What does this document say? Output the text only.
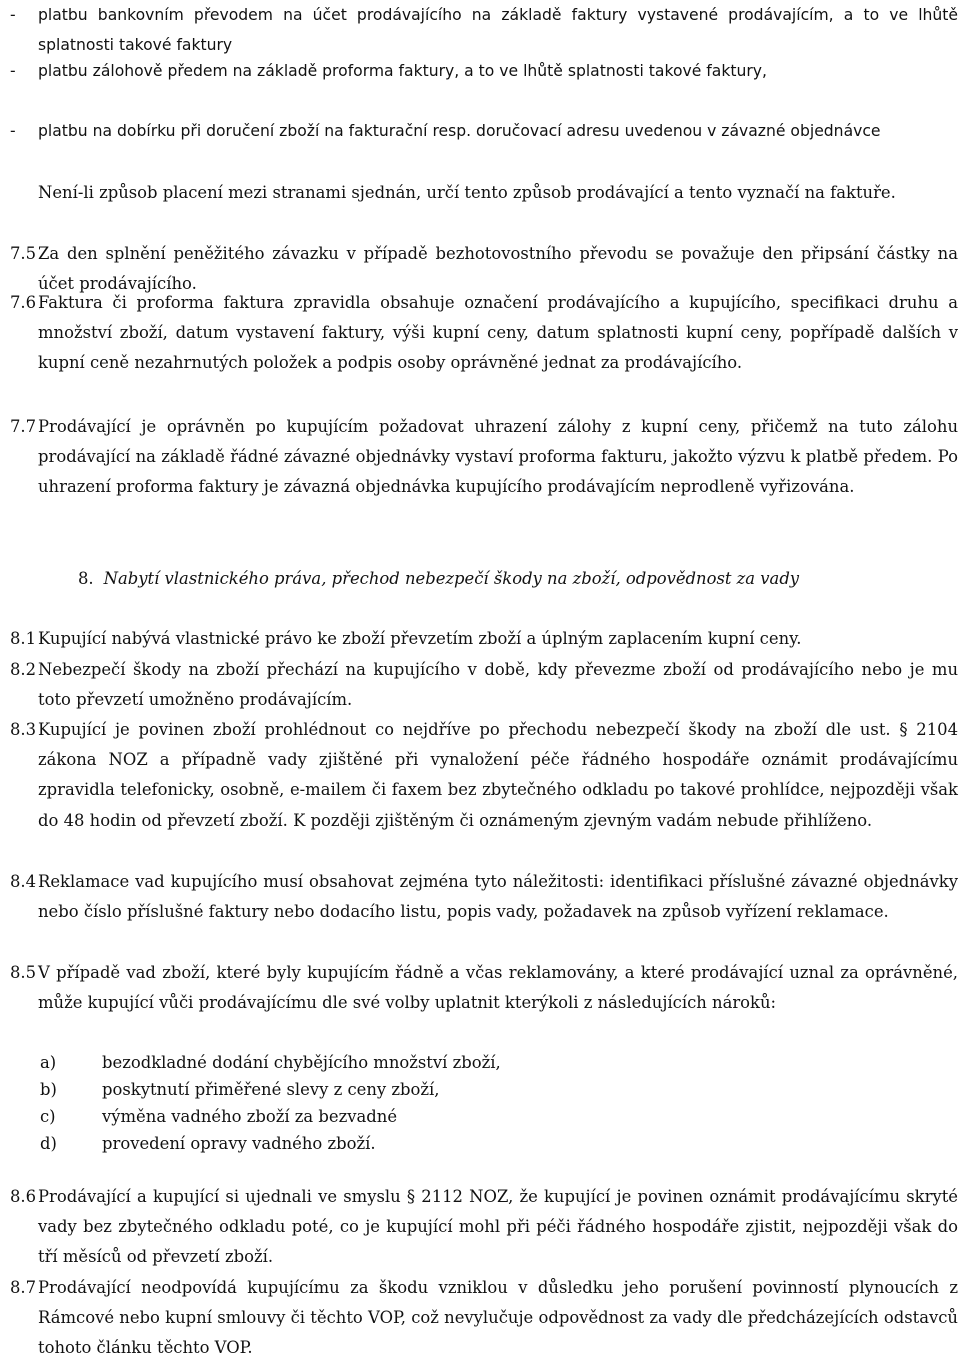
-	platbu bankovním převodem na účet prodávajícího na základě faktury vystavené prodávajícím, a to ve lhůtě splatnosti takové faktury
-	platbu zálohově předem na základě proforma faktury, a to ve lhůtě splatnosti takové faktury,
-	platbu na dobírku při doručení zboží na fakturační resp. doručovací adresu uvedenou v závazné objednávce

Není-li způsob placení mezi stranami sjednán, určí tento způsob prodávající a tento vyznačí na faktuře.

7.5 Za den splnění peněžitého závazku v případě bezhotovostního převodu se považuje den připsání částky na účet prodávajícího.

7.6 Faktura či proforma faktura zpravidla obsahuje označení prodávajícího a kupujícího, specifikaci druhu a množství zboží, datum vystavení faktury, výši kupní ceny, datum splatnosti kupní ceny, popřípadě dalších v kupní ceně nezahrnutých položek a podpis osoby oprávněné jednat za prodávajícího.

7.7 Prodávající je oprávněn po kupujícím požadovat uhrazení zálohy z kupní ceny, přičemž na tuto zálohu prodávající na základě řádné závazné objednávky vystaví proforma fakturu, jakožto výzvu k platbě předem. Po uhrazení proforma faktury je závazná objednávka kupujícího prodávajícím neprodleně vyřizována.

8. Nabytí vlastnického práva, přechod nebezpečí škody na zboží, odpovědnost za vady

8.1 Kupující nabývá vlastnické právo ke zboží převzetím zboží a úplným zaplacením kupní ceny.

8.2 Nebezpečí škody na zboží přechází na kupujícího v době, kdy převezme zboží od prodávajícího nebo je mu toto převzetí umožněno prodávajícím.

8.3 Kupující je povinen zboží prohlédnout co nejdříve po přechodu nebezpečí škody na zboží dle ust. § 2104 zákona NOZ a případně vady zjištěné při vynaložení péče řádného hospodáře oznámit prodávajícímu zpravidla telefonicky, osobně, e-mailem či faxem bez zbytečného odkladu po takové prohlídce, nejpozději však do 48 hodin od převzetí zboží. K později zjištěným či oznámeným zjevným vadám nebude přihlíženo.

8.4 Reklamace vad kupujícího musí obsahovat zejména tyto náležitosti: identifikaci příslušné závazné objednávky nebo číslo příslušné faktury nebo dodacího listu, popis vady, požadavek na způsob vyřízení reklamace.

8.5 V případě vad zboží, které byly kupujícím řádně a včas reklamovány, a které prodávající uznal za oprávněné, může kupující vůči prodávajícímu dle své volby uplatnit kterýkoli z následujících nároků:

a)	bezodkladné dodání chybějícího množství zboží,
b)	poskytnutí přiměřené slevy z ceny zboží,
c)	výměna vadného zboží za bezvadné
d)	provedení opravy vadného zboží.

8.6 Prodávající a kupující si ujednali ve smyslu § 2112 NOZ, že kupující je povinen oznámit prodávajícímu skryté vady bez zbytečného odkladu poté, co je kupující mohl při péči řádného hospodáře zjistit, nejpozději však do tří měsíců od převzetí zboží.

8.7 Prodávající neodpovídá kupujícímu za škodu vzniklou v důsledku jeho porušení povinností plynoucích z Rámcové nebo kupní smlouvy či těchto VOP, což nevylučuje odpovědnost za vady dle předcházejících odstavců tohoto článku těchto VOP.
